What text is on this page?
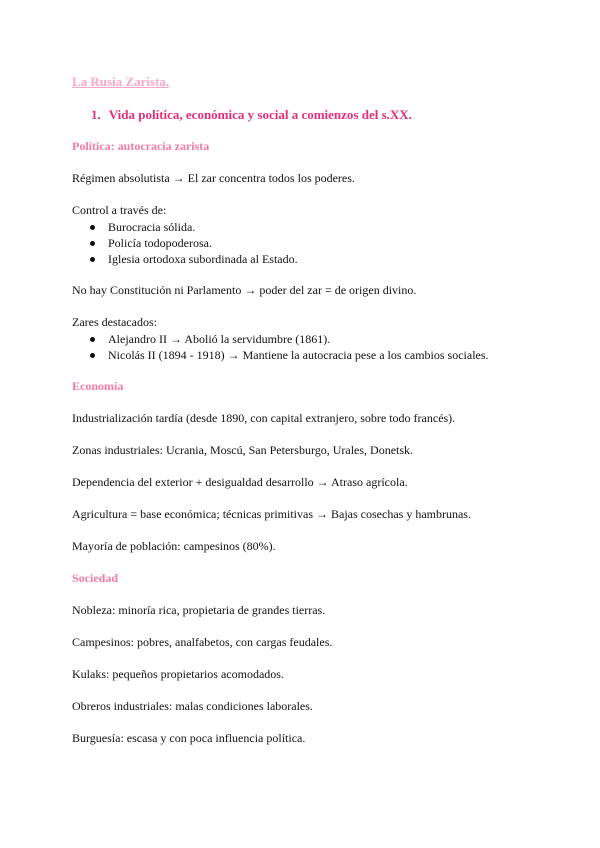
La Rusia Zarista.
1. Vida política, económica y social a comienzos del s.XX.
Política: autocracia zarista
Régimen absolutista → El zar concentra todos los poderes.
Control a través de:
Burocracia sólida.
Policía todopoderosa.
Iglesia ortodoxa subordinada al Estado.
No hay Constitución ni Parlamento → poder del zar = de origen divino.
Zares destacados:
Alejandro II → Abolió la servidumbre (1861).
Nicolás II (1894 - 1918) → Mantiene la autocracia pese a los cambios sociales.
Economía
Industrialización tardía (desde 1890, con capital extranjero, sobre todo francés).
Zonas industriales: Ucrania, Moscú, San Petersburgo, Urales, Donetsk.
Dependencia del exterior + desigualdad desarrollo → Atraso agrícola.
Agricultura = base económica; técnicas primitivas → Bajas cosechas y hambrunas.
Mayoría de población: campesinos (80%).
Sociedad
Nobleza: minoría rica, propietaria de grandes tierras.
Campesinos: pobres, analfabetos, con cargas feudales.
Kulaks: pequeños propietarios acomodados.
Obreros industriales: malas condiciones laborales.
Burguesía: escasa y con poca influencia política.
